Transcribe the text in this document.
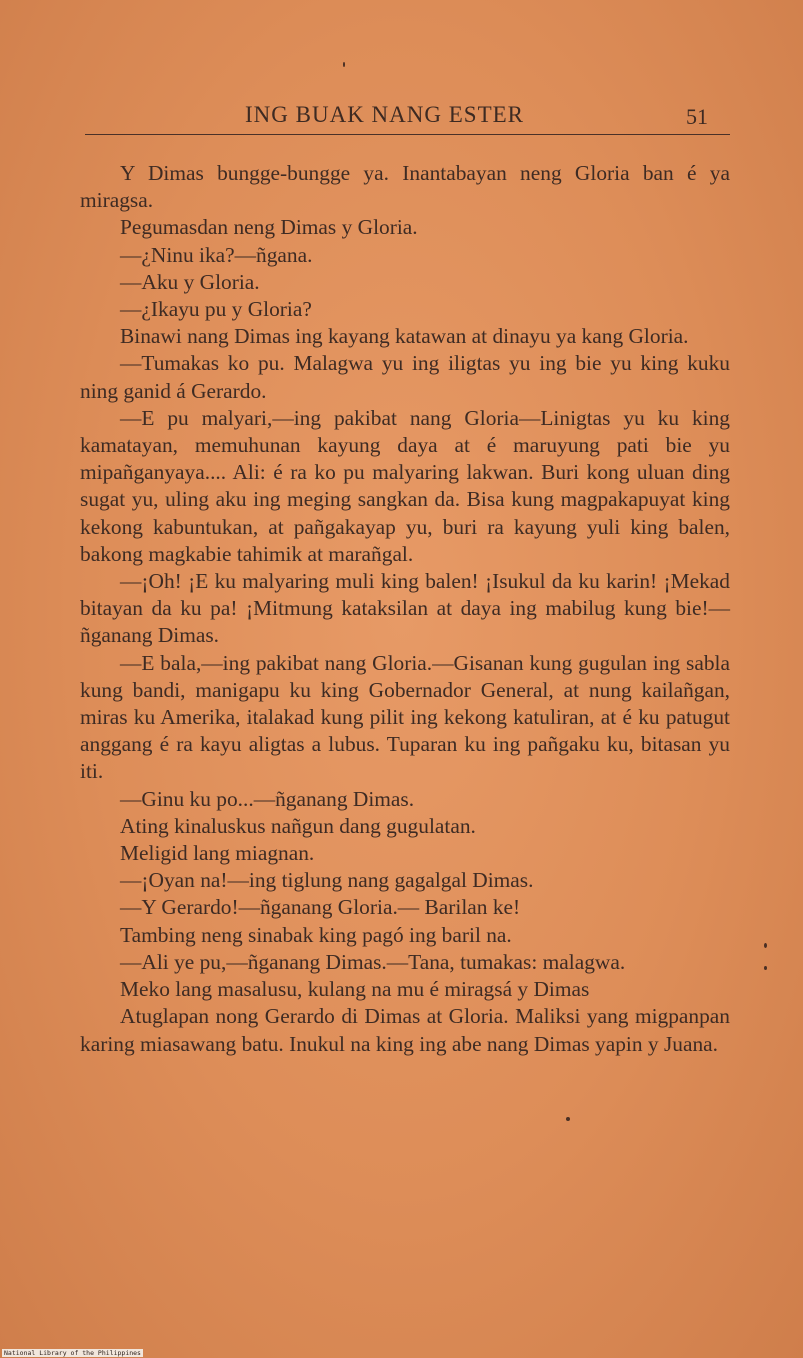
ING BUAK NANG ESTER	51

Y Dimas bungge-bungge ya. Inantabayan neng Gloria ban é ya miragsa.

Pegumasdan neng Dimas y Gloria.

—¿Ninu ika?—ñgana.

—Aku y Gloria.

—¿Ikayu pu y Gloria?

Binawi nang Dimas ing kayang katawan at dinayu ya kang Gloria.

—Tumakas ko pu. Malagwa yu ing iligtas yu ing bie yu king kuku ning ganid á Gerardo.

—E pu malyari,—ing pakibat nang Gloria—Linigtas yu ku king kamatayan, memuhunan kayung daya at é maruyung pati bie yu mipañganyaya.... Ali: é ra ko pu malyaring lakwan. Buri kong uluan ding sugat yu, uling aku ing meging sangkan da. Bisa kung magpakapuyat king kekong kabuntukan, at pañgakayap yu, buri ra kayung yuli king balen, bakong magkabie tahimik at marañgal.

—¡Oh! ¡E ku malyaring muli king balen! ¡Isukul da ku karin! ¡Mekad bitayan da ku pa! ¡Mitmung kataksilan at daya ing mabilug kung bie!—ñganang Dimas.

—E bala,—ing pakibat nang Gloria.—Gisanan kung gugulan ing sabla kung bandi, manigapu ku king Gobernador General, at nung kailañgan, miras ku Amerika, italakad kung pilit ing kekong katuliran, at é ku patugut anggang é ra kayu aligtas a lubus. Tuparan ku ing pañgaku ku, bitasan yu iti.

—Ginu ku po...—ñganang Dimas.

Ating kinaluskus nañgun dang gugulatan.

Meligid lang miagnan.

—¡Oyan na!—ing tiglung nang gagalgal Dimas.

—Y Gerardo!—ñganang Gloria.— Barilan ke!

Tambing neng sinabak king pagó ing baril na.

—Ali ye pu,—ñganang Dimas.—Tana, tumakas: malagwa.

Meko lang masalusu, kulang na mu é miragsá y Dimas

Atuglapan nong Gerardo di Dimas at Gloria. Maliksi yang migpanpan karing miasawang batu. Inukul na king ing abe nang Dimas yapin y Juana.

National Library of the Philippines
